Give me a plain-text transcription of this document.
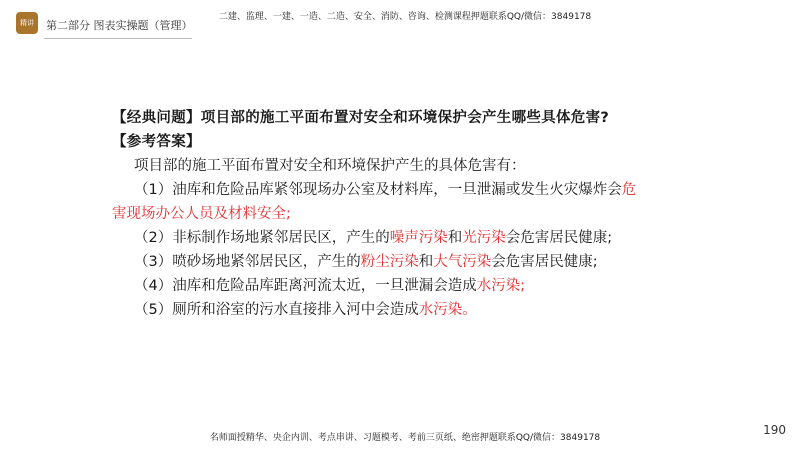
精讲	第二部分 图表实操题（管理）
二建、监理、一建、一造、二造、安全、消防、咨询、检测课程押题联系QQ/微信：3849178

【经典问题】项目部的施工平面布置对安全和环境保护会产生哪些具体危害?

【参考答案】

项目部的施工平面布置对安全和环境保护产生的具体危害有：

（1）油库和危险品库紧邻现场办公室及材料库，一旦泄漏或发生火灾爆炸会危

害现场办公人员及材料安全;

（2）非标制作场地紧邻居民区，产生的噪声污染和光污染会危害居民健康;

（3）喷砂场地紧邻居民区，产生的粉尘污染和大气污染会危害居民健康;

（4）油库和危险品库距离河流太近，一旦泄漏会造成水污染;

（5）厕所和浴室的污水直接排入河中会造成水污染。

190
名师面授精华、央企内训、考点串讲、习题模考、考前三页纸、绝密押题联系QQ/微信：3849178
